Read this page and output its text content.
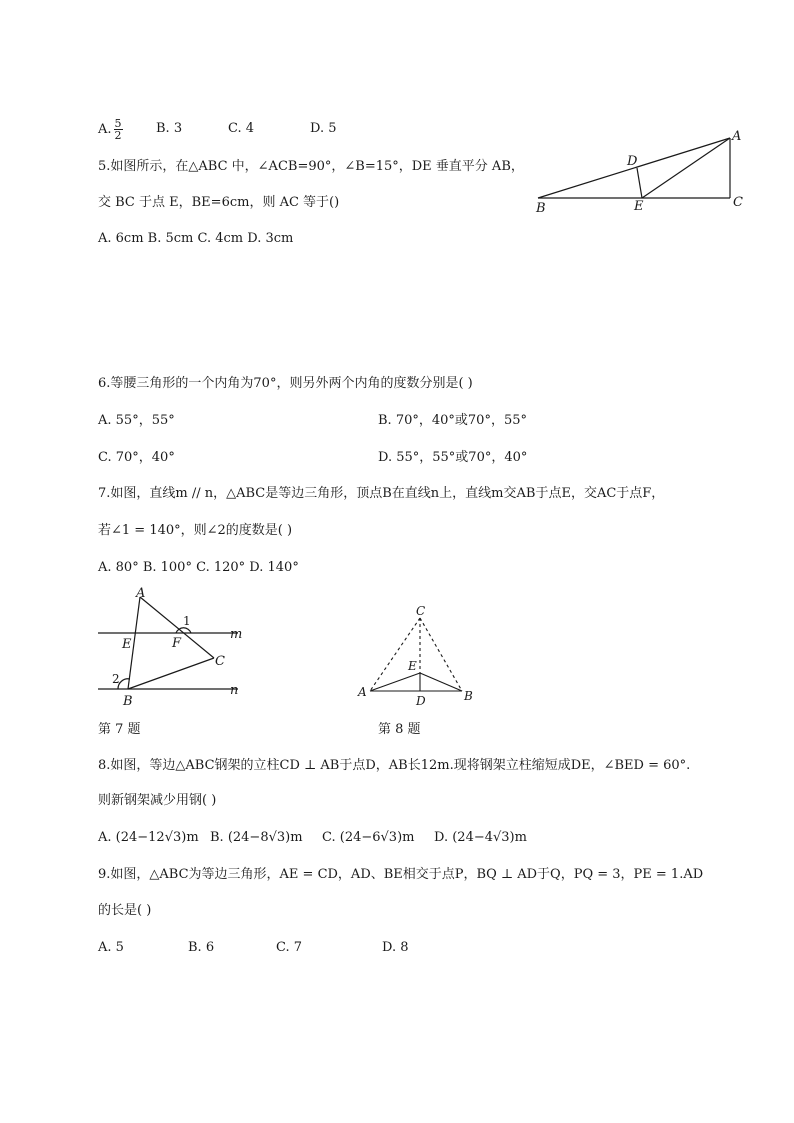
A. $\frac{5}{2}$	B. 3	C. 4	D. 5
5.如图所示，在△ABC 中，∠ACB=90°，∠B=15°，DE 垂直平分 AB，
交 BC 于点 E，BE=6cm，则 AC 等于()
A. 6cm B. 5cm C. 4cm D. 3cm
A
B	C
D
E
6.等腰三角形的一个内角为70°，则另外两个内角的度数分别是( )
A. 55°，55°	B. 70°，40°或70°，55°
C. 70°，40°	D. 55°，55°或70°，40°
7.如图，直线m // n，△ABC是等边三角形，顶点B在直线n上，直线m交AB于点E，交AC于点F，
若∠1 = 140°，则∠2的度数是( )
A. 80° B. 100° C. 120° D. 140°
A
B
C
E	F
m
n
1
2
第 7 题
C
A	B
D
E
第 8 题
8.如图，等边△ABC钢架的立柱CD ⊥ AB于点D，AB长12m.现将钢架立柱缩短成DE，∠BED = 60°.
则新钢架减少用钢( )
A. (24−12√3)m B. (24−8√3)m C. (24−6√3)m D. (24−4√3)m
9.如图，△ABC为等边三角形，AE = CD，AD、BE相交于点P，BQ ⊥ AD于Q，PQ = 3，PE = 1.AD
的长是( )
A. 5	B. 6	C. 7	D. 8
